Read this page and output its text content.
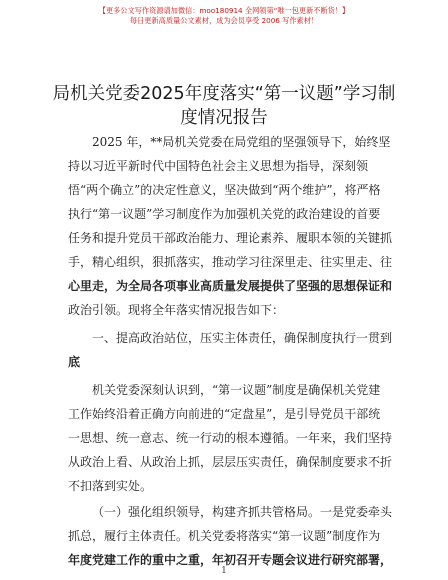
【更多公文写作资源请加微信：moo180914 全网领第“唯一包更新不断货！】
每日更新高质量公文素材，成为会员享受 2006 写作素材！
局机关党委2025年度落实“第一议题”学习制
度情况报告
2025 年，**局机关党委在局党组的坚强领导下，始终坚
持以习近平新时代中国特色社会主义思想为指导，深刻领
悟“两个确立”的决定性意义，坚决做到“两个维护”，将严格
执行“第一议题”学习制度作为加强机关党的政治建设的首要
任务和提升党员干部政治能力、理论素养、履职本领的关键抓
手，精心组织，狠抓落实，推动学习往深里走、往实里走、往
心里走，为全局各项事业高质量发展提供了坚强的思想保证和
政治引领。现将全年落实情况报告如下：
一、提高政治站位，压实主体责任，确保制度执行一贯到
底
机关党委深刻认识到，“第一议题”制度是确保机关党建
工作始终沿着正确方向前进的“定盘星”，是引导党员干部统
一思想、统一意志、统一行动的根本遵循。一年来，我们坚持
从政治上看、从政治上抓，层层压实责任，确保制度要求不折
不扣落到实处。
（一）强化组织领导，构建齐抓共管格局。一是党委牵头
抓总，履行主体责任。机关党委将落实“第一议题”制度作为
年度党建工作的重中之重，年初召开专题会议进行研究部署，
1
